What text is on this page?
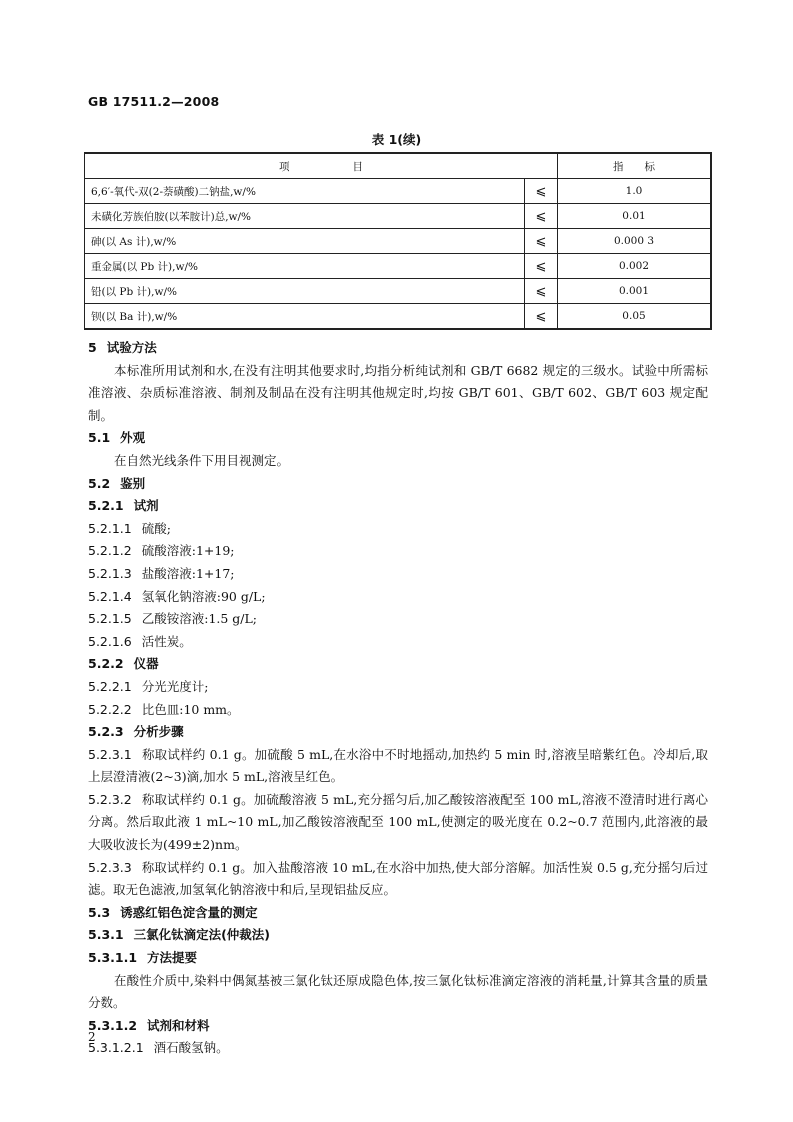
GB 17511.2—2008
表 1(续)
项　　　　　　目		指　　标
6,6′-氧代-双(2-萘磺酸)二钠盐,w/%	⩽	1.0
未磺化芳族伯胺(以苯胺计)总,w/%	⩽	0.01
砷(以 As 计),w/%	⩽	0.000 3
重金属(以 Pb 计),w/%	⩽	0.002
铅(以 Pb 计),w/%	⩽	0.001
钡(以 Ba 计),w/%	⩽	0.05

5 试验方法

本标准所用试剂和水,在没有注明其他要求时,均指分析纯试剂和 GB/T 6682 规定的三级水。试验中所需标准溶液、杂质标准溶液、制剂及制品在没有注明其他规定时,均按 GB/T 601、GB/T 602、GB/T 603 规定配制。

5.1 外观

在自然光线条件下用目视测定。

5.2 鉴别

5.2.1 试剂

5.2.1.1 硫酸;

5.2.1.2 硫酸溶液:1+19;

5.2.1.3 盐酸溶液:1+17;

5.2.1.4 氢氧化钠溶液:90 g/L;

5.2.1.5 乙酸铵溶液:1.5 g/L;

5.2.1.6 活性炭。

5.2.2 仪器

5.2.2.1 分光光度计;

5.2.2.2 比色皿:10 mm。

5.2.3 分析步骤

5.2.3.1 称取试样约 0.1 g。加硫酸 5 mL,在水浴中不时地摇动,加热约 5 min 时,溶液呈暗紫红色。冷却后,取上层澄清液(2~3)滴,加水 5 mL,溶液呈红色。

5.2.3.2 称取试样约 0.1 g。加硫酸溶液 5 mL,充分摇匀后,加乙酸铵溶液配至 100 mL,溶液不澄清时进行离心分离。然后取此液 1 mL~10 mL,加乙酸铵溶液配至 100 mL,使测定的吸光度在 0.2~0.7 范围内,此溶液的最大吸收波长为(499±2)nm。

5.2.3.3 称取试样约 0.1 g。加入盐酸溶液 10 mL,在水浴中加热,使大部分溶解。加活性炭 0.5 g,充分摇匀后过滤。取无色滤液,加氢氧化钠溶液中和后,呈现铝盐反应。

5.3 诱惑红铝色淀含量的测定

5.3.1 三氯化钛滴定法(仲裁法)

5.3.1.1 方法提要

在酸性介质中,染料中偶氮基被三氯化钛还原成隐色体,按三氯化钛标准滴定溶液的消耗量,计算其含量的质量分数。

5.3.1.2 试剂和材料

5.3.1.2.1 酒石酸氢钠。

2
